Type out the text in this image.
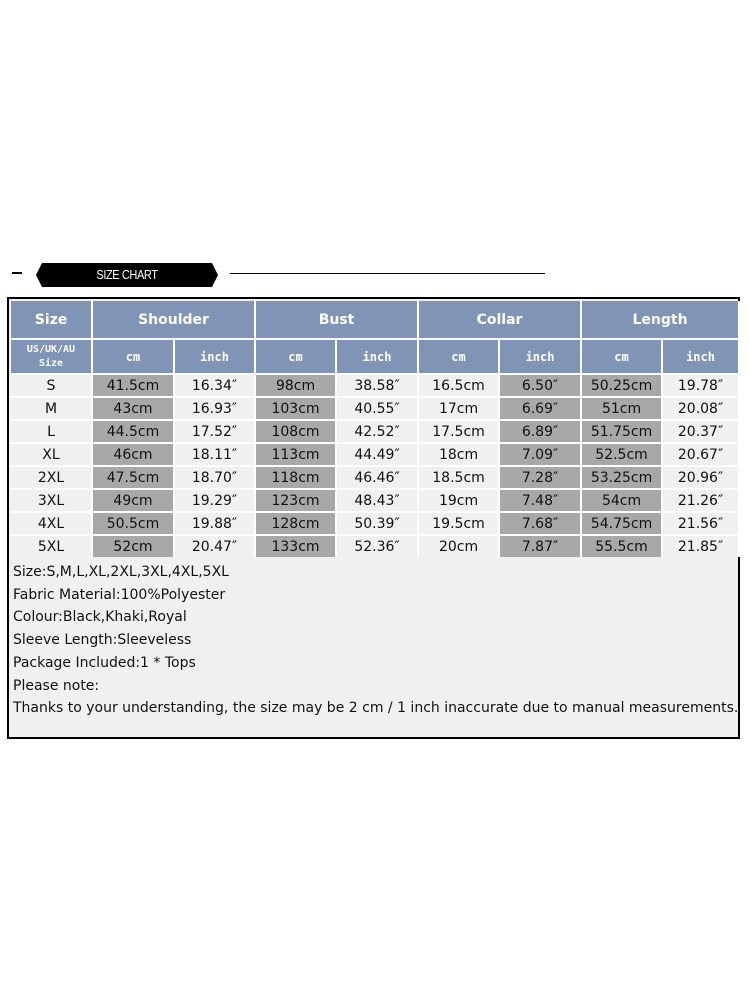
SIZE CHART
Size	Shoulder		Bust		Collar		Length	

US/UK/AU
Size	cm	inch	cm	inch	cm	inch	cm	inch
S	41.5cm	16.34″	98cm	38.58″	16.5cm	6.50″	50.25cm	19.78″
M	43cm	16.93″	103cm	40.55″	17cm	6.69″	51cm	20.08″
L	44.5cm	17.52″	108cm	42.52″	17.5cm	6.89″	51.75cm	20.37″
XL	46cm	18.11″	113cm	44.49″	18cm	7.09″	52.5cm	20.67″
2XL	47.5cm	18.70″	118cm	46.46″	18.5cm	7.28″	53.25cm	20.96″
3XL	49cm	19.29″	123cm	48.43″	19cm	7.48″	54cm	21.26″
4XL	50.5cm	19.88″	128cm	50.39″	19.5cm	7.68″	54.75cm	21.56″
5XL	52cm	20.47″	133cm	52.36″	20cm	7.87″	55.5cm	21.85″
Size:S,M,L,XL,2XL,3XL,4XL,5XL
Fabric Material:100%Polyester
Colour:Black,Khaki,Royal
Sleeve Length:Sleeveless
Package Included:1 * Tops
Please note:
Thanks to your understanding, the size may be 2 cm / 1 inch inaccurate due to manual measurements.
